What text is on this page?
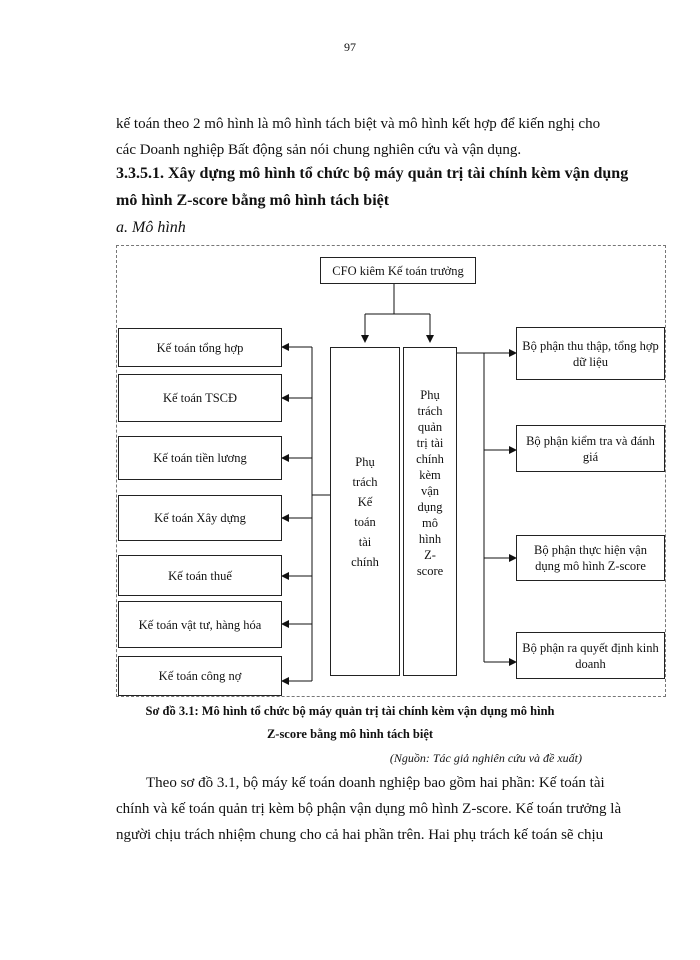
97
kế toán theo 2 mô hình là mô hình tách biệt và mô hình kết hợp để kiến nghị cho
các Doanh nghiệp Bất động sản nói chung nghiên cứu và vận dụng.
3.3.5.1. Xây dựng mô hình tổ chức bộ máy quản trị tài chính kèm vận dụng
mô hình Z-score bằng mô hình tách biệt
a. Mô hình
CFO kiêm Kế toán trưởng
Kế toán tổng hợp
Kế toán TSCĐ
Kế toán tiền lương
Kế toán Xây dựng
Kế toán thuế
Kế toán vật tư, hàng hóa
Kế toán công nợ
Phụ
trách
Kế
toán
tài
chính
Phụ
trách
quản
trị tài
chính
kèm
vận
dụng
mô
hình
Z-
score
Bộ phận thu thập, tổng hợp dữ liệu
Bộ phận kiểm tra và đánh giá
Bộ phận thực hiện vận dụng mô hình Z-score
Bộ phận ra quyết định kinh doanh
Sơ đồ 3.1: Mô hình tổ chức bộ máy quản trị tài chính kèm vận dụng mô hình
Z-score bằng mô hình tách biệt
(Nguồn: Tác giả nghiên cứu và đề xuất)
Theo sơ đồ 3.1, bộ máy kế toán doanh nghiệp bao gồm hai phần: Kế toán tài
chính và kế toán quản trị kèm bộ phận vận dụng mô hình Z-score. Kế toán trưởng là
người chịu trách nhiệm chung cho cả hai phần trên. Hai phụ trách kế toán sẽ chịu
